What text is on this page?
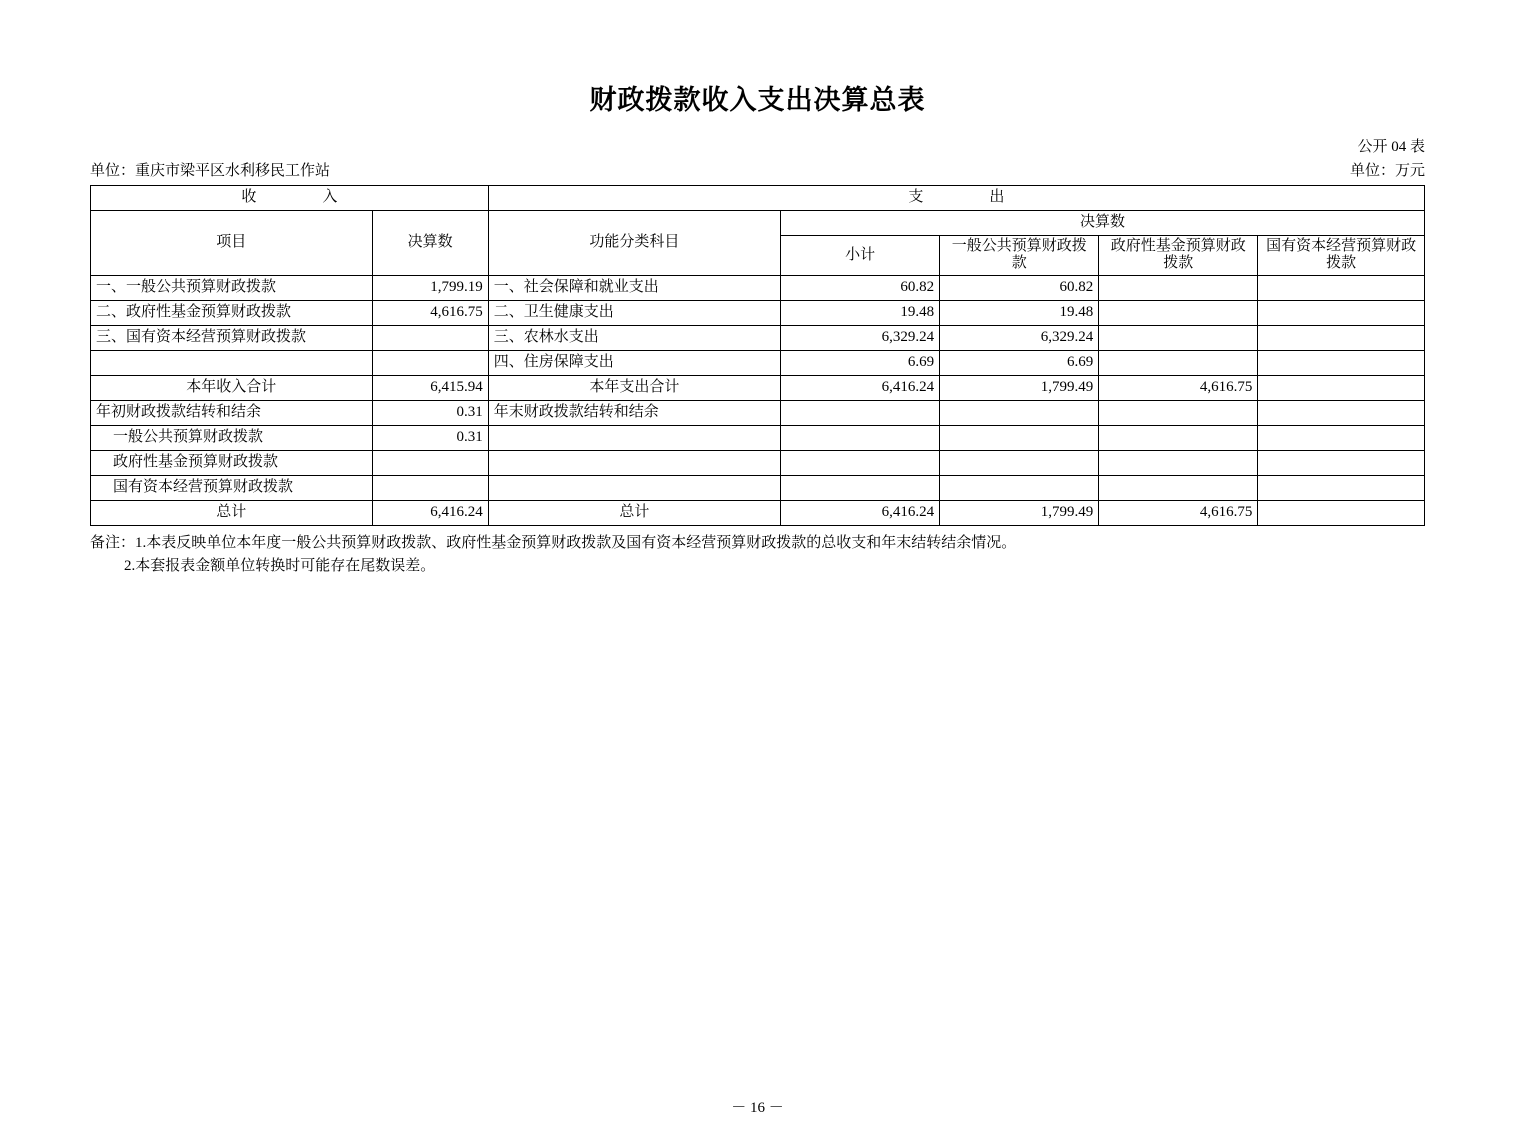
财政拨款收入支出决算总表
公开 04 表
单位：重庆市梁平区水利移民工作站	单位：万元
收　　入		支　　出				
项目	决算数	功能分类科目	决算数			
			小计	一般公共预算财政拨款	政府性基金预算财政拨款	国有资本经营预算财政拨款
一、一般公共预算财政拨款	1,799.19	一、社会保障和就业支出	60.82	60.82		
二、政府性基金预算财政拨款	4,616.75	二、卫生健康支出	19.48	19.48		
三、国有资本经营预算财政拨款		三、农林水支出	6,329.24	6,329.24		
		四、住房保障支出	6.69	6.69		
本年收入合计	6,415.94	本年支出合计	6,416.24	1,799.49	4,616.75	
年初财政拨款结转和结余	0.31	年末财政拨款结转和结余				
一般公共预算财政拨款	0.31					
政府性基金预算财政拨款						
国有资本经营预算财政拨款						
总计	6,416.24	总计	6,416.24	1,799.49	4,616.75	
备注：1.本表反映单位本年度一般公共预算财政拨款、政府性基金预算财政拨款及国有资本经营预算财政拨款的总收支和年末结转结余情况。
2.本套报表金额单位转换时可能存在尾数误差。
－ 16 －
